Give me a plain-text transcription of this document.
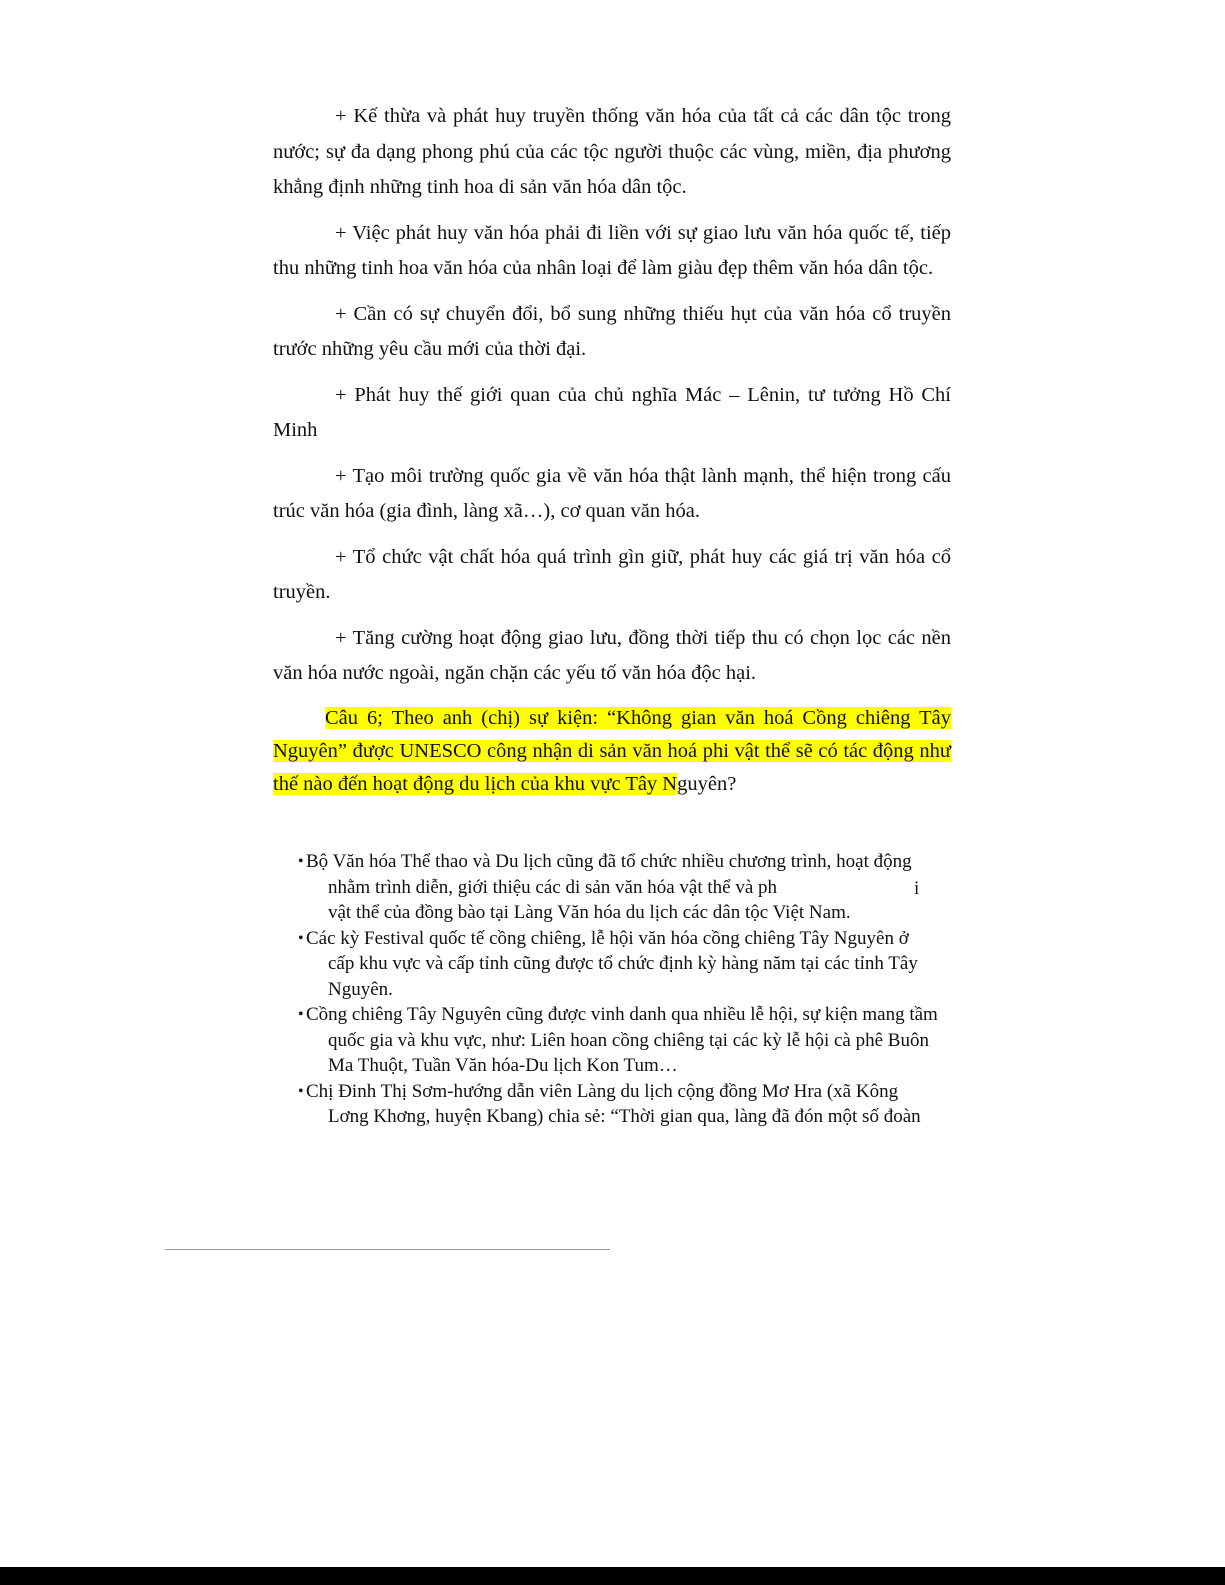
+ Kế thừa và phát huy truyền thống văn hóa của tất cả các dân tộc trong nước; sự đa dạng phong phú của các tộc người thuộc các vùng, miền, địa phương khẳng định những tinh hoa di sản văn hóa dân tộc.

+ Việc phát huy văn hóa phải đi liền với sự giao lưu văn hóa quốc tế, tiếp thu những tinh hoa văn hóa của nhân loại để làm giàu đẹp thêm văn hóa dân tộc.

+ Cần có sự chuyển đổi, bổ sung những thiếu hụt của văn hóa cổ truyền trước những yêu cầu mới của thời đại.

+ Phát huy thế giới quan của chủ nghĩa Mác – Lênin, tư tưởng Hồ Chí Minh

+ Tạo môi trường quốc gia về văn hóa thật lành mạnh, thể hiện trong cấu trúc văn hóa (gia đình, làng xã…), cơ quan văn hóa.

+ Tổ chức vật chất hóa quá trình gìn giữ, phát huy các giá trị văn hóa cổ truyền.

+ Tăng cường hoạt động giao lưu, đồng thời tiếp thu có chọn lọc các nền văn hóa nước ngoài, ngăn chặn các yếu tố văn hóa độc hại.

Câu 6; Theo anh (chị) sự kiện: “Không gian văn hoá Cồng chiêng Tây Nguyên” được UNESCO công nhận di sản văn hoá phi vật thể sẽ có tác động như thế nào đến hoạt động du lịch của khu vực Tây Nguyên?

• Bộ Văn hóa Thể thao và Du lịch cũng đã tổ chức nhiều chương trình, hoạt động nhằm trình diễn, giới thiệu các di sản văn hóa vật thể và ph
vật thể của đồng bào tại Làng Văn hóa du lịch các dân tộc Việt Nam.
• Các kỳ Festival quốc tế cồng chiêng, lễ hội văn hóa cồng chiêng Tây Nguyên ở cấp khu vực và cấp tỉnh cũng được tổ chức định kỳ hàng năm tại các tỉnh Tây Nguyên.
• Cồng chiêng Tây Nguyên cũng được vinh danh qua nhiều lễ hội, sự kiện mang tầm quốc gia và khu vực, như: Liên hoan cồng chiêng tại các kỳ lễ hội cà phê Buôn Ma Thuột, Tuần Văn hóa-Du lịch Kon Tum…
• Chị Đinh Thị Sơm-hướng dẫn viên Làng du lịch cộng đồng Mơ Hra (xã Kông Lơng Khơng, huyện Kbang) chia sẻ: “Thời gian qua, làng đã đón một số đoàn
i
